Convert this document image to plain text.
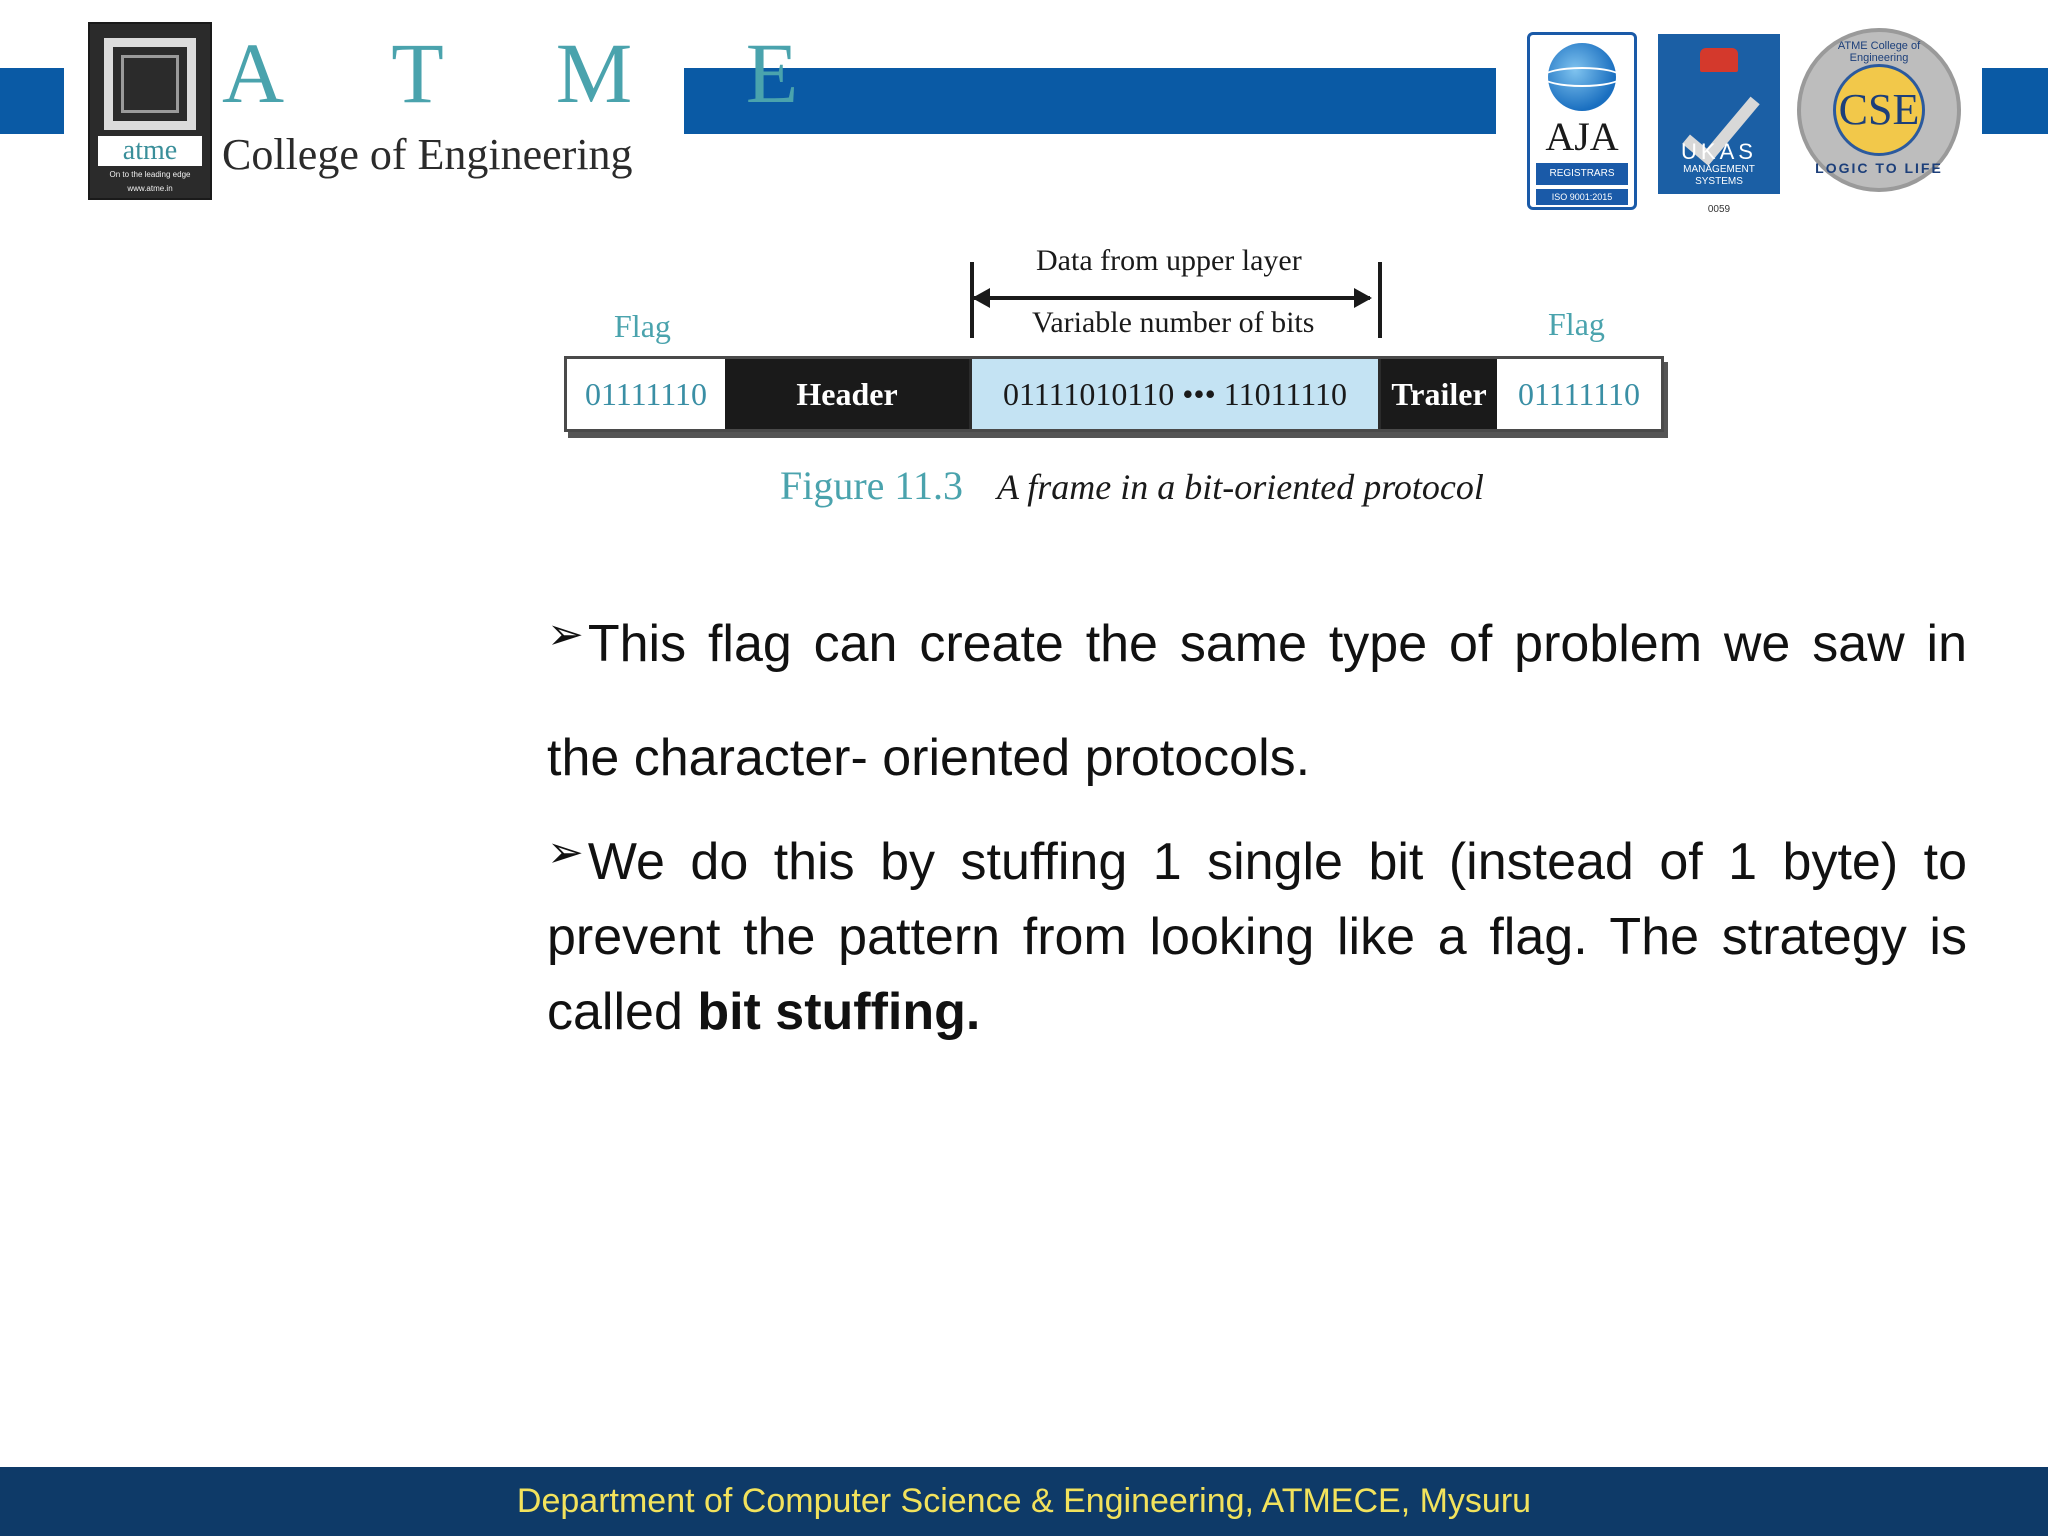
atme
On to the leading edge
www.atme.in
A T M E
College of Engineering	AJA
REGISTRARS
ISO 9001:2015
UKAS
MANAGEMENT SYSTEMS
0059
ATME College of Engineering
CSE
LOGIC TO LIFE
Data from upper layer
Variable number of bits
Flag	Flag
01111110	Header	01111010110 ••• 11011110	Trailer 01111110
Figure 11.3 A frame in a bit-oriented protocol
➢This flag can create the same type of problem we saw in the character- oriented protocols.
➢We do this by stuffing 1 single bit (instead of 1 byte) to prevent the pattern from looking like a flag. The strategy is called bit stuffing.
Department of Computer Science & Engineering, ATMECE, Mysuru
